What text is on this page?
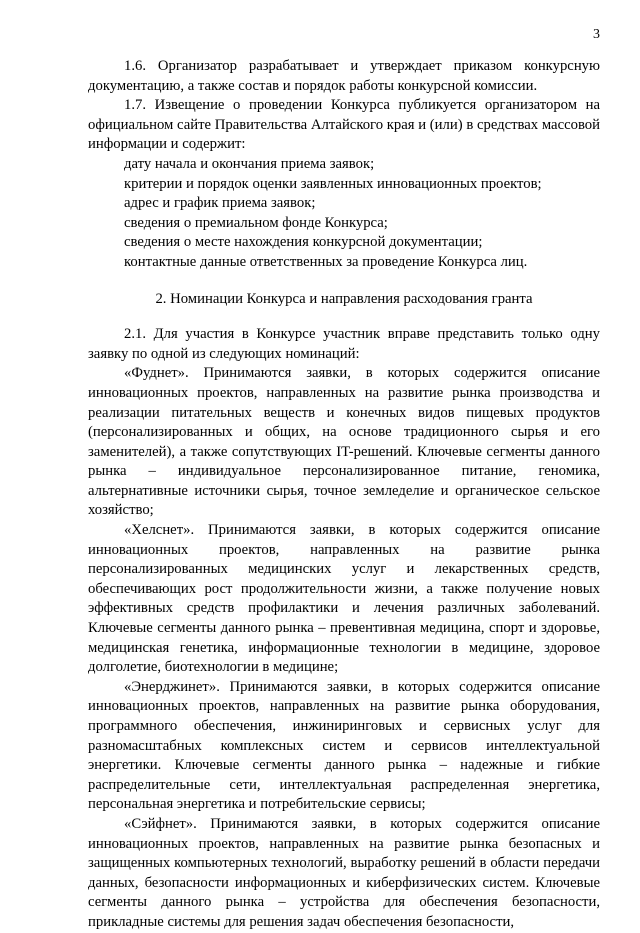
3

1.6. Организатор разрабатывает и утверждает приказом конкурсную документацию, а также состав и порядок работы конкурсной комиссии.

1.7. Извещение о проведении Конкурса публикуется организатором на официальном сайте Правительства Алтайского края и (или) в средствах массовой информации и содержит:

дату начала и окончания приема заявок;

критерии и порядок оценки заявленных инновационных проектов;

адрес и график приема заявок;

сведения о премиальном фонде Конкурса;

сведения о месте нахождения конкурсной документации;

контактные данные ответственных за проведение Конкурса лиц.

2. Номинации Конкурса и направления расходования гранта

2.1. Для участия в Конкурсе участник вправе представить только одну заявку по одной из следующих номинаций:

«Фуднет». Принимаются заявки, в которых содержится описание инновационных проектов, направленных на развитие рынка производства и реализации питательных веществ и конечных видов пищевых продуктов (персонализированных и общих, на основе традиционного сырья и его заменителей), а также сопутствующих IT-решений. Ключевые сегменты данного рынка – индивидуальное персонализированное питание, геномика, альтернативные источники сырья, точное земледелие и органическое сельское хозяйство;

«Хелснет». Принимаются заявки, в которых содержится описание инновационных проектов, направленных на развитие рынка персонализированных медицинских услуг и лекарственных средств, обеспечивающих рост продолжительности жизни, а также получение новых эффективных средств профилактики и лечения различных заболеваний. Ключевые сегменты данного рынка – превентивная медицина, спорт и здоровье, медицинская генетика, информационные технологии в медицине, здоровое долголетие, биотехнологии в медицине;

«Энерджинет». Принимаются заявки, в которых содержится описание инновационных проектов, направленных на развитие рынка оборудования, программного обеспечения, инжиниринговых и сервисных услуг для разномасштабных комплексных систем и сервисов интеллектуальной энергетики. Ключевые сегменты данного рынка – надежные и гибкие распределительные сети, интеллектуальная распределенная энергетика, персональная энергетика и потребительские сервисы;

«Сэйфнет». Принимаются заявки, в которых содержится описание инновационных проектов, направленных на развитие рынка безопасных и защищенных компьютерных технологий, выработку решений в области передачи данных, безопасности информационных и киберфизических систем. Ключевые сегменты данного рынка – устройства для обеспечения безопасности, прикладные системы для решения задач обеспечения безопасности,
